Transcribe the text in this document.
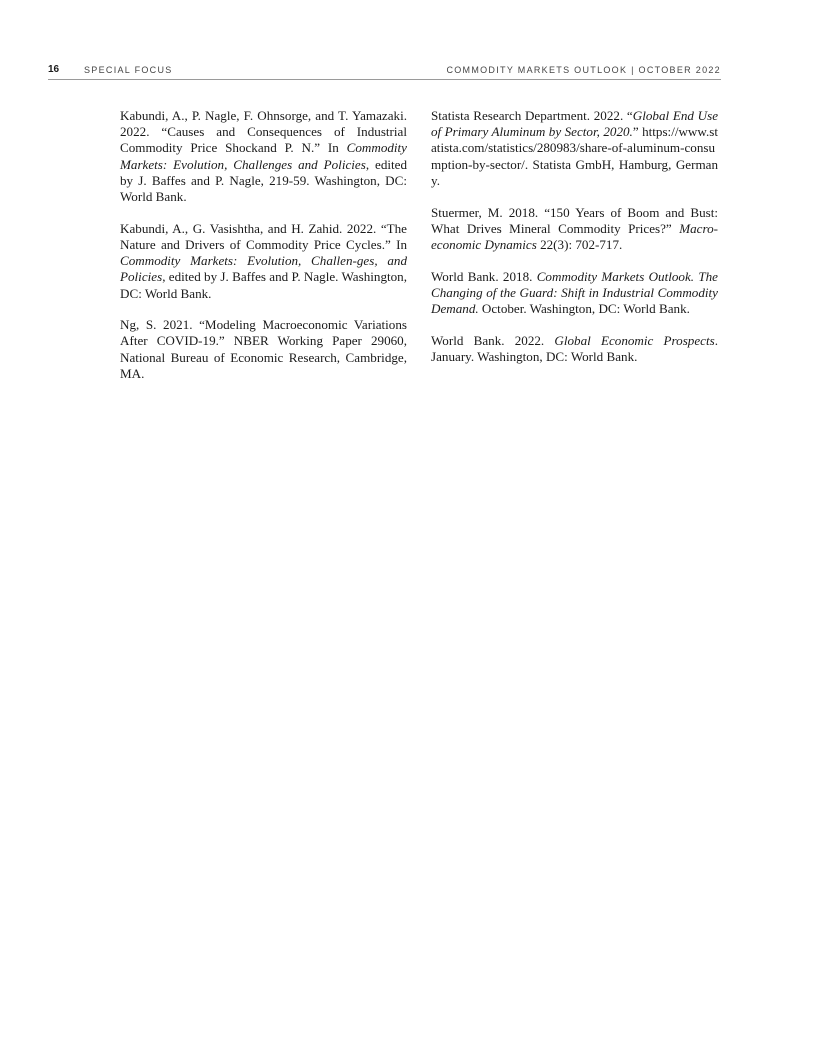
16	SPECIAL FOCUS	COMMODITY MARKETS OUTLOOK | OCTOBER 2022

Kabundi, A., P. Nagle, F. Ohnsorge, and T. Yamazaki. 2022. “Causes and Consequences of Industrial Commodity Price Shockand P. N.” In Commodity Markets: Evolution, Challenges and Policies, edited by J. Baffes and P. Nagle, 219-59. Washington, DC: World Bank.

Kabundi, A., G. Vasishtha, and H. Zahid. 2022. “The Nature and Drivers of Commodity Price Cycles.” In Commodity Markets: Evolution, Challen-ges, and Policies, edited by J. Baffes and P. Nagle. Washington, DC: World Bank.

Ng, S. 2021. “Modeling Macroeconomic Variations After COVID-19.” NBER Working Paper 29060, National Bureau of Economic Research, Cambridge, MA.

Statista Research Department. 2022. “Global End Use of Primary Aluminum by Sector, 2020.” https://www.statista.com/statistics/280983/share-of-aluminum-consumption-by-sector/. Statista GmbH, Hamburg, Germany.

Stuermer, M. 2018. “150 Years of Boom and Bust: What Drives Mineral Commodity Prices?” Macro-economic Dynamics 22(3): 702-717.

World Bank. 2018. Commodity Markets Outlook. The Changing of the Guard: Shift in Industrial Commodity Demand. October. Washington, DC: World Bank.

World Bank. 2022. Global Economic Prospects. January. Washington, DC: World Bank.
